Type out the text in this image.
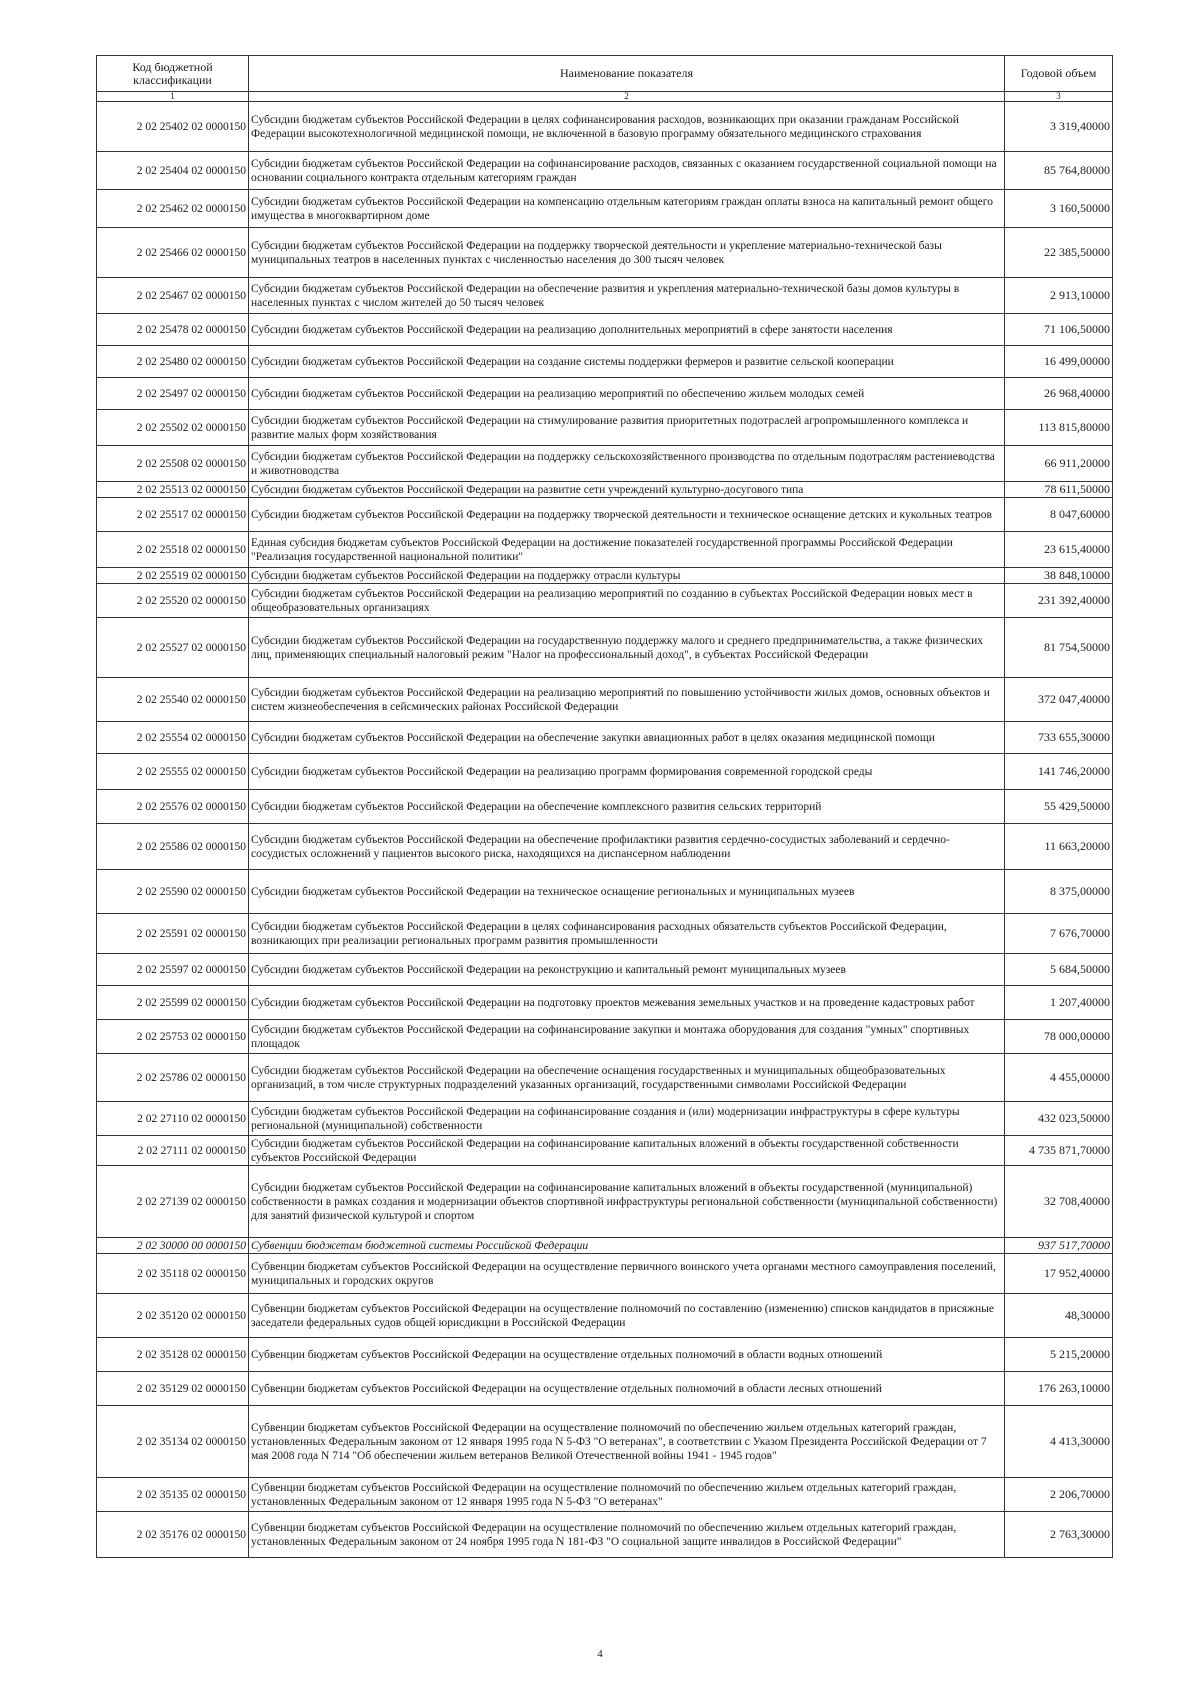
Код бюджетной классификации	Наименование показателя	Годовой объем
1	2	3
2 02 25402 02 0000150	Субсидии бюджетам субъектов Российской Федерации в целях софинансирования расходов, возникающих при оказании гражданам Российской Федерации высокотехнологичной медицинской помощи, не включенной в базовую программу обязательного медицинского страхования	3 319,40000
2 02 25404 02 0000150	Субсидии бюджетам субъектов Российской Федерации на софинансирование расходов, связанных с оказанием государственной социальной помощи на основании социального контракта отдельным категориям граждан	85 764,80000
2 02 25462 02 0000150	Субсидии бюджетам субъектов Российской Федерации на компенсацию отдельным категориям граждан оплаты взноса на капитальный ремонт общего имущества в многоквартирном доме	3 160,50000
2 02 25466 02 0000150	Субсидии бюджетам субъектов Российской Федерации на поддержку творческой деятельности и укрепление материально-технической базы муниципальных театров в населенных пунктах с численностью населения до 300 тысяч человек	22 385,50000
2 02 25467 02 0000150	Субсидии бюджетам субъектов Российской Федерации на обеспечение развития и укрепления материально-технической базы домов культуры в населенных пунктах с числом жителей до 50 тысяч человек	2 913,10000
2 02 25478 02 0000150	Субсидии бюджетам субъектов Российской Федерации на реализацию дополнительных мероприятий в сфере занятости населения	71 106,50000
2 02 25480 02 0000150	Субсидии бюджетам субъектов Российской Федерации на создание системы поддержки фермеров и развитие сельской кооперации	16 499,00000
2 02 25497 02 0000150	Субсидии бюджетам субъектов Российской Федерации на реализацию мероприятий по обеспечению жильем молодых семей	26 968,40000
2 02 25502 02 0000150	Субсидии бюджетам субъектов Российской Федерации на стимулирование развития приоритетных подотраслей агропромышленного комплекса и развитие малых форм хозяйствования	113 815,80000
2 02 25508 02 0000150	Субсидии бюджетам субъектов Российской Федерации на поддержку сельскохозяйственного производства по отдельным подотраслям растениеводства и животноводства	66 911,20000
2 02 25513 02 0000150	Субсидии бюджетам субъектов Российской Федерации на развитие сети учреждений культурно-досугового типа	78 611,50000
2 02 25517 02 0000150	Субсидии бюджетам субъектов Российской Федерации на поддержку творческой деятельности и техническое оснащение детских и кукольных театров	8 047,60000
2 02 25518 02 0000150	Единая субсидия бюджетам субъектов Российской Федерации на достижение показателей государственной программы Российской Федерации "Реализация государственной национальной политики"	23 615,40000
2 02 25519 02 0000150	Субсидии бюджетам субъектов Российской Федерации на поддержку отрасли культуры	38 848,10000
2 02 25520 02 0000150	Субсидии бюджетам субъектов Российской Федерации на реализацию мероприятий по созданию в субъектах Российской Федерации новых мест в общеобразовательных организациях	231 392,40000
2 02 25527 02 0000150	Субсидии бюджетам субъектов Российской Федерации на государственную поддержку малого и среднего предпринимательства, а также физических лиц, применяющих специальный налоговый режим "Налог на профессиональный доход", в субъектах Российской Федерации	81 754,50000
2 02 25540 02 0000150	Субсидии бюджетам субъектов Российской Федерации на реализацию мероприятий по повышению устойчивости жилых домов, основных объектов и систем жизнеобеспечения в сейсмических районах Российской Федерации	372 047,40000
2 02 25554 02 0000150	Субсидии бюджетам субъектов Российской Федерации на обеспечение закупки авиационных работ в целях оказания медицинской помощи	733 655,30000
2 02 25555 02 0000150	Субсидии бюджетам субъектов Российской Федерации на реализацию программ формирования современной городской среды	141 746,20000
2 02 25576 02 0000150	Субсидии бюджетам субъектов Российской Федерации на обеспечение комплексного развития сельских территорий	55 429,50000
2 02 25586 02 0000150	Субсидии бюджетам субъектов Российской Федерации на обеспечение профилактики развития сердечно-сосудистых заболеваний и сердечно-сосудистых осложнений у пациентов высокого риска, находящихся на диспансерном наблюдении	11 663,20000
2 02 25590 02 0000150	Субсидии бюджетам субъектов Российской Федерации на техническое оснащение региональных и муниципальных музеев	8 375,00000
2 02 25591 02 0000150	Субсидии бюджетам субъектов Российской Федерации в целях софинансирования расходных обязательств субъектов Российской Федерации, возникающих при реализации региональных программ развития промышленности	7 676,70000
2 02 25597 02 0000150	Субсидии бюджетам субъектов Российской Федерации на реконструкцию и капитальный ремонт муниципальных музеев	5 684,50000
2 02 25599 02 0000150	Субсидии бюджетам субъектов Российской Федерации на подготовку проектов межевания земельных участков и на проведение кадастровых работ	1 207,40000
2 02 25753 02 0000150	Субсидии бюджетам субъектов Российской Федерации на софинансирование закупки и монтажа оборудования для создания "умных" спортивных площадок	78 000,00000
2 02 25786 02 0000150	Субсидии бюджетам субъектов Российской Федерации на обеспечение оснащения государственных и муниципальных общеобразовательных организаций, в том числе структурных подразделений указанных организаций, государственными символами Российской Федерации	4 455,00000
2 02 27110 02 0000150	Субсидии бюджетам субъектов Российской Федерации на софинансирование создания и (или) модернизации инфраструктуры в сфере культуры региональной (муниципальной) собственности	432 023,50000
2 02 27111 02 0000150	Субсидии бюджетам субъектов Российской Федерации на софинансирование капитальных вложений в объекты государственной собственности субъектов Российской Федерации	4 735 871,70000
2 02 27139 02 0000150	Субсидии бюджетам субъектов Российской Федерации на софинансирование капитальных вложений в объекты государственной (муниципальной) собственности в рамках создания и модернизации объектов спортивной инфраструктуры региональной собственности (муниципальной собственности) для занятий физической культурой и спортом	32 708,40000
2 02 30000 00 0000150	Субвенции бюджетам бюджетной системы Российской Федерации	937 517,70000
2 02 35118 02 0000150	Субвенции бюджетам субъектов Российской Федерации на осуществление первичного воинского учета органами местного самоуправления поселений, муниципальных и городских округов	17 952,40000
2 02 35120 02 0000150	Субвенции бюджетам субъектов Российской Федерации на осуществление полномочий по составлению (изменению) списков кандидатов в присяжные заседатели федеральных судов общей юрисдикции в Российской Федерации	48,30000
2 02 35128 02 0000150	Субвенции бюджетам субъектов Российской Федерации на осуществление отдельных полномочий в области водных отношений	5 215,20000
2 02 35129 02 0000150	Субвенции бюджетам субъектов Российской Федерации на осуществление отдельных полномочий в области лесных отношений	176 263,10000
2 02 35134 02 0000150	Субвенции бюджетам субъектов Российской Федерации на осуществление полномочий по обеспечению жильем отдельных категорий граждан, установленных Федеральным законом от 12 января 1995 года N 5-ФЗ "О ветеранах", в соответствии с Указом Президента Российской Федерации от 7 мая 2008 года N 714 "Об обеспечении жильем ветеранов Великой Отечественной войны 1941 - 1945 годов"	4 413,30000
2 02 35135 02 0000150	Субвенции бюджетам субъектов Российской Федерации на осуществление полномочий по обеспечению жильем отдельных категорий граждан, установленных Федеральным законом от 12 января 1995 года N 5-ФЗ "О ветеранах"	2 206,70000
2 02 35176 02 0000150	Субвенции бюджетам субъектов Российской Федерации на осуществление полномочий по обеспечению жильем отдельных категорий граждан, установленных Федеральным законом от 24 ноября 1995 года N 181-ФЗ "О социальной защите инвалидов в Российской Федерации"	2 763,30000
4
